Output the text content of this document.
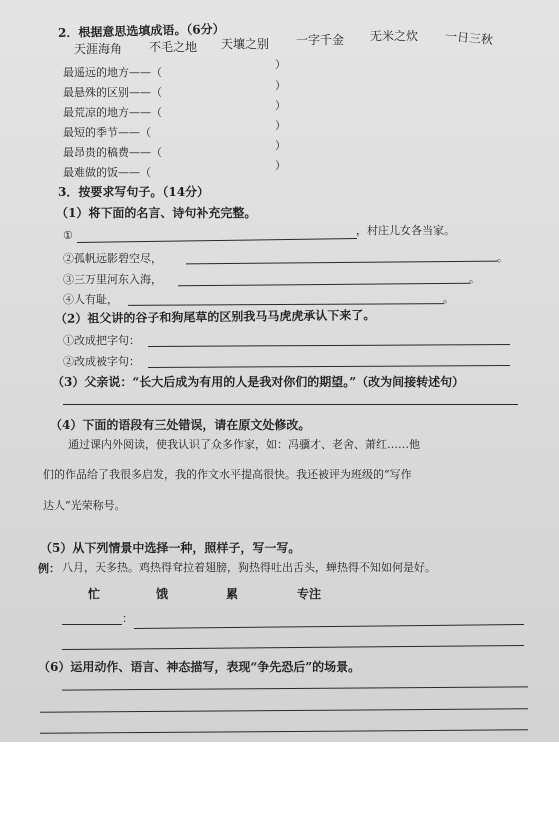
2．根据意思选填成语。（6分）
天涯海角 不毛之地 天壤之别 一字千金 无米之炊 一日三秋
最遥远的地方——（
）
最悬殊的区别——（
）
最荒凉的地方——（
）
最短的季节——（
）
最昂贵的稿费——（
）
最难做的饭——（
）
3．按要求写句子。（14分）
（1）将下面的名言、诗句补充完整。
①	，村庄儿女各当家。
②孤帆远影碧空尽，	。
③三万里河东入海，	。
④人有耻，	。
（2）祖父讲的谷子和狗尾草的区别我马马虎虎承认下来了。
①改成把字句：
②改成被字句：
（3）父亲说：“长大后成为有用的人是我对你们的期望。”（改为间接转述句）
（4）下面的语段有三处错误，请在原文处修改。
通过课内外阅读，使我认识了众多作家，如：冯骥才、老舍、萧红……他
们的作品给了我很多启发，我的作文水平提高很快。我还被评为班级的“写作
达人”光荣称号。
（5）从下列情景中选择一种，照样子，写一写。
例： 八月，天多热。鸡热得耷拉着翅膀，狗热得吐出舌头，蝉热得不知如何是好。
忙	饿	累	专注
：
（6）运用动作、语言、神态描写，表现“争先恐后”的场景。
